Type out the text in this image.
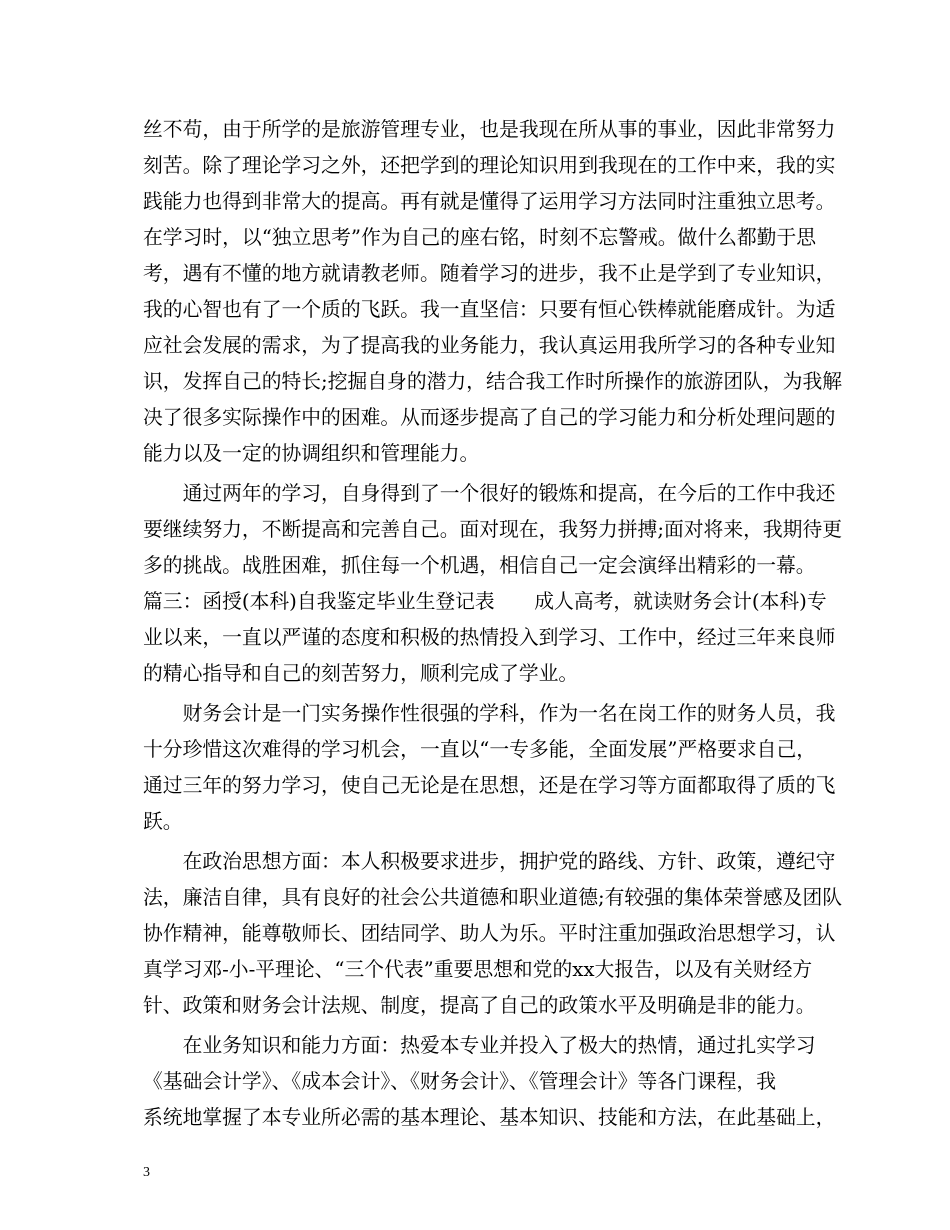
丝不苟，由于所学的是旅游管理专业，也是我现在所从事的事业，因此非常努力
刻苦。除了理论学习之外，还把学到的理论知识用到我现在的工作中来，我的实
践能力也得到非常大的提高。再有就是懂得了运用学习方法同时注重独立思考。
在学习时，以“独立思考”作为自己的座右铭，时刻不忘警戒。做什么都勤于思
考，遇有不懂的地方就请教老师。随着学习的进步，我不止是学到了专业知识，
我的心智也有了一个质的飞跃。我一直坚信：只要有恒心铁棒就能磨成针。为适
应社会发展的需求，为了提高我的业务能力，我认真运用我所学习的各种专业知
识，发挥自己的特长;挖掘自身的潜力，结合我工作时所操作的旅游团队，为我解
决了很多实际操作中的困难。从而逐步提高了自己的学习能力和分析处理问题的
能力以及一定的协调组织和管理能力。
　　通过两年的学习，自身得到了一个很好的锻炼和提高，在今后的工作中我还
要继续努力，不断提高和完善自己。面对现在，我努力拼搏;面对将来，我期待更
多的挑战。战胜困难，抓住每一个机遇，相信自己一定会演绎出精彩的一幕。
篇三：函授(本科)自我鉴定毕业生登记表　　成人高考，就读财务会计(本科)专
业以来，一直以严谨的态度和积极的热情投入到学习、工作中，经过三年来良师
的精心指导和自己的刻苦努力，顺利完成了学业。
　　财务会计是一门实务操作性很强的学科，作为一名在岗工作的财务人员，我
十分珍惜这次难得的学习机会，一直以“一专多能，全面发展”严格要求自己，
通过三年的努力学习，使自己无论是在思想，还是在学习等方面都取得了质的飞
跃。
　　在政治思想方面：本人积极要求进步，拥护党的路线、方针、政策，遵纪守
法，廉洁自律，具有良好的社会公共道德和职业道德;有较强的集体荣誉感及团队
协作精神，能尊敬师长、团结同学、助人为乐。平时注重加强政治思想学习，认
真学习邓-小-平理论、“三个代表”重要思想和党的xx大报告，以及有关财经方
针、政策和财务会计法规、制度，提高了自己的政策水平及明确是非的能力。
　　在业务知识和能力方面：热爱本专业并投入了极大的热情，通过扎实学习
《基础会计学》、《成本会计》、《财务会计》、《管理会计》等各门课程，我
系统地掌握了本专业所必需的基本理论、基本知识、技能和方法，在此基础上，
3
